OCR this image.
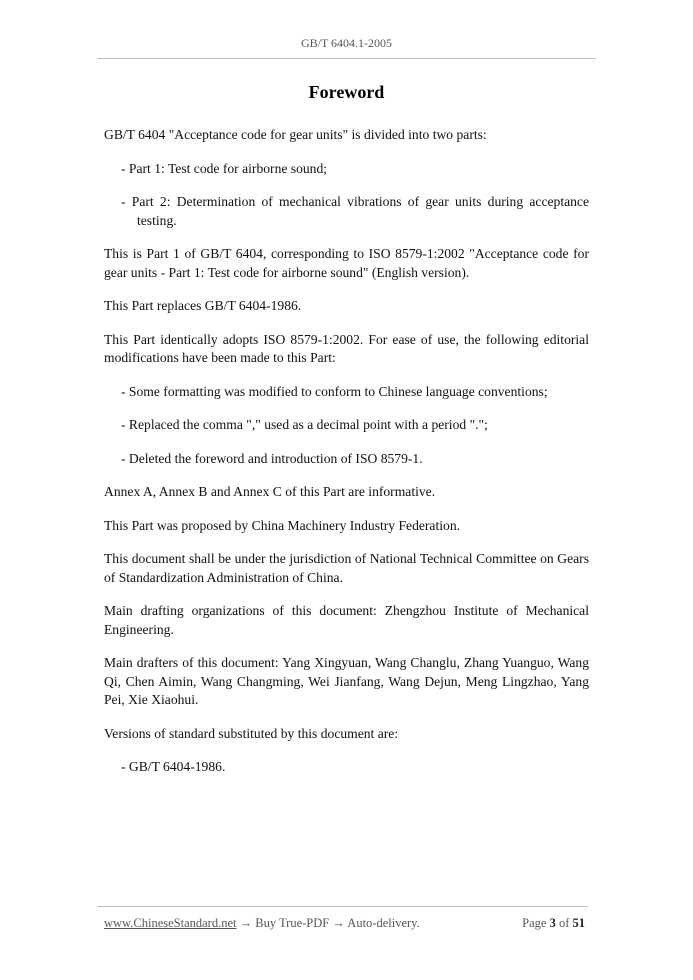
GB/T 6404.1-2005
Foreword

GB/T 6404 "Acceptance code for gear units" is divided into two parts:

- Part 1: Test code for airborne sound;

- Part 2: Determination of mechanical vibrations of gear units during acceptance testing.

This is Part 1 of GB/T 6404, corresponding to ISO 8579-1:2002 "Acceptance code for gear units - Part 1: Test code for airborne sound" (English version).

This Part replaces GB/T 6404-1986.

This Part identically adopts ISO 8579-1:2002. For ease of use, the following editorial modifications have been made to this Part:

- Some formatting was modified to conform to Chinese language conventions;

- Replaced the comma "," used as a decimal point with a period ".";

- Deleted the foreword and introduction of ISO 8579-1.

Annex A, Annex B and Annex C of this Part are informative.

This Part was proposed by China Machinery Industry Federation.

This document shall be under the jurisdiction of National Technical Committee on Gears of Standardization Administration of China.

Main drafting organizations of this document: Zhengzhou Institute of Mechanical Engineering.

Main drafters of this document: Yang Xingyuan, Wang Changlu, Zhang Yuanguo, Wang Qi, Chen Aimin, Wang Changming, Wei Jianfang, Wang Dejun, Meng Lingzhao, Yang Pei, Xie Xiaohui.

Versions of standard substituted by this document are:

- GB/T 6404-1986.

www.ChineseStandard.net → Buy True-PDF → Auto-delivery.	Page 3 of 51
